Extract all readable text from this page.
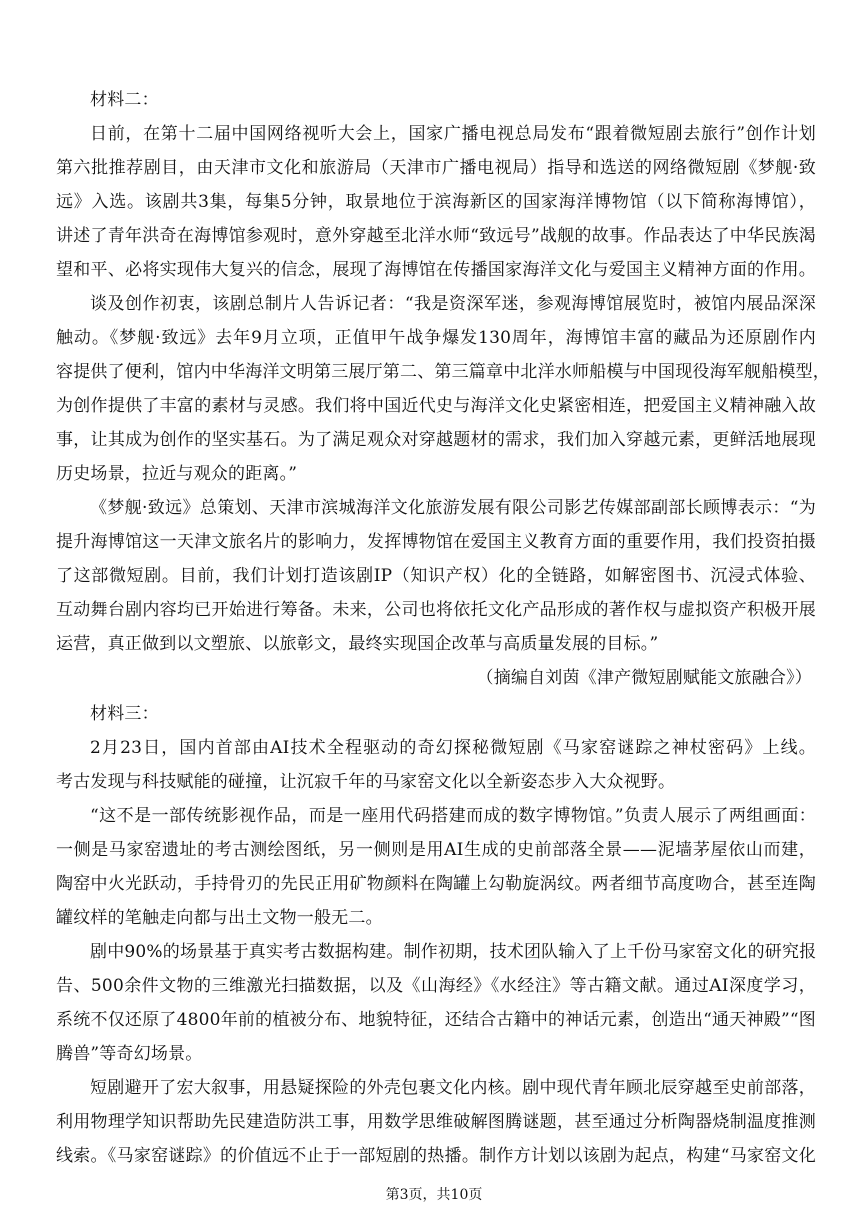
材料二：
日前，在第十二届中国网络视听大会上，国家广播电视总局发布“跟着微短剧去旅行”创作计划
第六批推荐剧目，由天津市文化和旅游局（天津市广播电视局）指导和选送的网络微短剧《梦舰·致
远》入选。该剧共3集，每集5分钟，取景地位于滨海新区的国家海洋博物馆（以下简称海博馆），
讲述了青年洪奇在海博馆参观时，意外穿越至北洋水师“致远号”战舰的故事。作品表达了中华民族渴
望和平、必将实现伟大复兴的信念，展现了海博馆在传播国家海洋文化与爱国主义精神方面的作用。
谈及创作初衷，该剧总制片人告诉记者：“我是资深军迷，参观海博馆展览时，被馆内展品深深
触动。《梦舰·致远》去年9月立项，正值甲午战争爆发130周年，海博馆丰富的藏品为还原剧作内
容提供了便利，馆内中华海洋文明第三展厅第二、第三篇章中北洋水师船模与中国现役海军舰船模型，
为创作提供了丰富的素材与灵感。我们将中国近代史与海洋文化史紧密相连，把爱国主义精神融入故
事，让其成为创作的坚实基石。为了满足观众对穿越题材的需求，我们加入穿越元素，更鲜活地展现
历史场景，拉近与观众的距离。”
《梦舰·致远》总策划、天津市滨城海洋文化旅游发展有限公司影艺传媒部副部长顾博表示：“为
提升海博馆这一天津文旅名片的影响力，发挥博物馆在爱国主义教育方面的重要作用，我们投资拍摄
了这部微短剧。目前，我们计划打造该剧IP（知识产权）化的全链路，如解密图书、沉浸式体验、
互动舞台剧内容均已开始进行筹备。未来，公司也将依托文化产品形成的著作权与虚拟资产积极开展
运营，真正做到以文塑旅、以旅彰文，最终实现国企改革与高质量发展的目标。”
（摘编自刘茵《津产微短剧赋能文旅融合》）
材料三：
2月23日，国内首部由AI技术全程驱动的奇幻探秘微短剧《马家窑谜踪之神杖密码》上线。
考古发现与科技赋能的碰撞，让沉寂千年的马家窑文化以全新姿态步入大众视野。
“这不是一部传统影视作品，而是一座用代码搭建而成的数字博物馆。”负责人展示了两组画面：
一侧是马家窑遗址的考古测绘图纸，另一侧则是用AI生成的史前部落全景——泥墙茅屋依山而建，
陶窑中火光跃动，手持骨刃的先民正用矿物颜料在陶罐上勾勒旋涡纹。两者细节高度吻合，甚至连陶
罐纹样的笔触走向都与出土文物一般无二。
剧中90%的场景基于真实考古数据构建。制作初期，技术团队输入了上千份马家窑文化的研究报
告、500余件文物的三维激光扫描数据，以及《山海经》《水经注》等古籍文献。通过AI深度学习，
系统不仅还原了4800年前的植被分布、地貌特征，还结合古籍中的神话元素，创造出“通天神殿”“图
腾兽”等奇幻场景。
短剧避开了宏大叙事，用悬疑探险的外壳包裹文化内核。剧中现代青年顾北辰穿越至史前部落，
利用物理学知识帮助先民建造防洪工事，用数学思维破解图腾谜题，甚至通过分析陶器烧制温度推测
线索。《马家窑谜踪》的价值远不止于一部短剧的热播。制作方计划以该剧为起点，构建“马家窑文化
第3页，共10页
